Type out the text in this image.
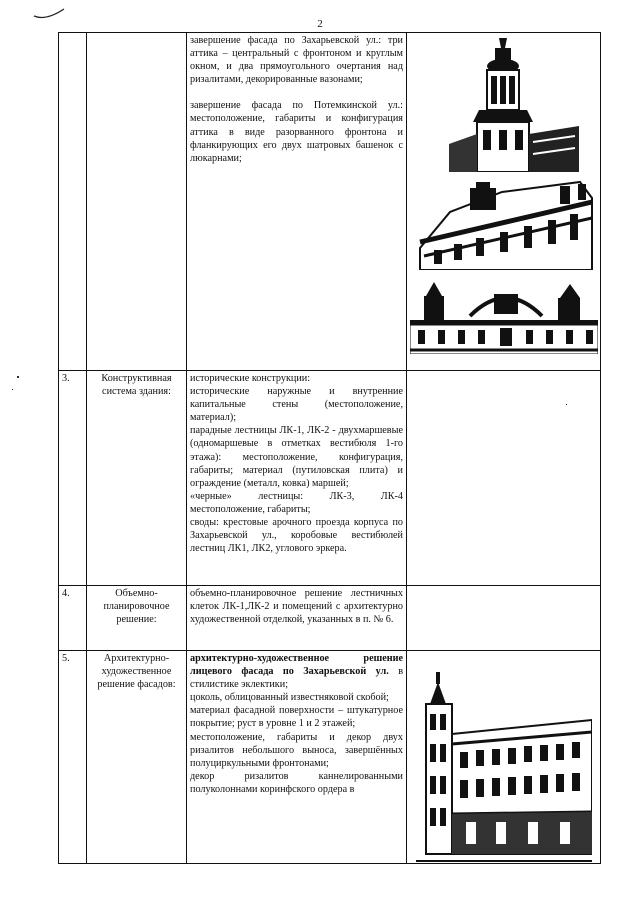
2

		завершение фасада по Захарьевской ул.: три аттика – центральный с фронтоном и круглым окном, и два прямоугольного очертания над ризалитами, декорированные вазонами;

завершение фасада по Потемкинской ул.: местоположение, габариты и конфигурация аттика в виде разорванного фронтона и фланкирующих его двух шатровых башенок с люкарнами;

3.	Конструктивная система здания:	исторические конструкции:

исторические наружные и внутренние капитальные стены (местоположение, материал);

парадные лестницы ЛК-1, ЛК-2 - двухмаршевые (одномаршевые в отметках вестибюля 1-го этажа): местоположение, конфигурация, габариты; материал (путиловская плита) и ограждение (металл, ковка) маршей;

«черные» лестницы: ЛК-3, ЛК-4 местоположение, габариты;

своды: крестовые арочного проезда корпуса по Захарьевской ул., коробовые вестибюлей лестниц ЛК1, ЛК2, углового эркера.	

4.	Объемно-планировочное решение:	объемно-планировочное решение лестничных клеток ЛК-1,ЛК-2 и помещений с архитектурно художественной отделкой, указанных в п. № 6.	

5.	Архитектурно-художественное решение фасадов:	архитектурно-художественное решение лицевого фасада по Захарьевской ул. в стилистике эклектики;

цоколь, облицованный известняковой скобой;

материал фасадной поверхности – штукатурное покрытие; руст в уровне 1 и 2 этажей;

местоположение, габариты и декор двух ризалитов небольшого выноса, завершённых полуциркульными фронтонами;

декор ризалитов каннелированными полуколоннами коринфского ордера в
